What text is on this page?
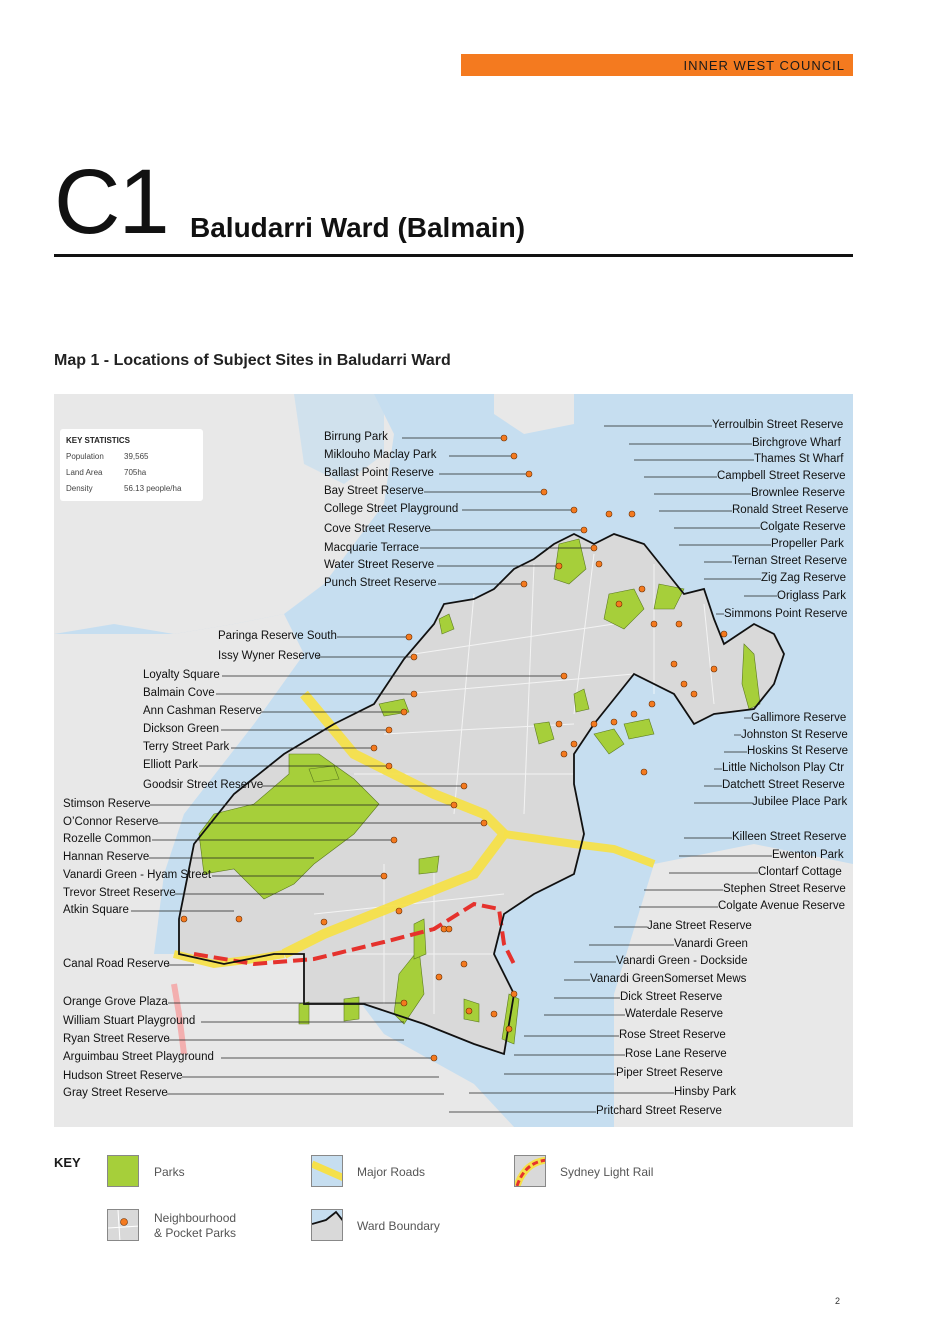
INNER WEST COUNCIL
C1 Baludarri Ward (Balmain)
Map 1 - Locations of Subject Sites in Baludarri Ward
KEY STATISTICS
Population	39,565
Land Area	705ha
Density	56.13 people/ha
Birrung Park
Miklouho Maclay Park
Ballast Point Reserve
Bay Street Reserve
College Street Playground
Cove Street Reserve
Macquarie Terrace
Water Street Reserve
Punch Street Reserve
Paringa Reserve South
Issy Wyner Reserve
Loyalty Square
Balmain Cove
Ann Cashman Reserve
Dickson Green
Terry Street Park
Elliott Park
Goodsir Street Reserve
Stimson Reserve
O’Connor Reserve
Rozelle Common
Hannan Reserve
Vanardi Green - Hyam Street
Trevor Street Reserve
Atkin Square
Canal Road Reserve
Orange Grove Plaza
William Stuart Playground
Ryan Street Reserve
Arguimbau Street Playground
Hudson Street Reserve
Gray Street Reserve
Yerroulbin Street Reserve
Birchgrove Wharf
Thames St Wharf
Campbell Street Reserve
Brownlee Reserve
Ronald Street Reserve
Colgate Reserve
Propeller Park
Ternan Street Reserve
Zig Zag Reserve
Origlass Park
Simmons Point Reserve
Gallimore Reserve
Johnston St Reserve
Hoskins St Reserve
Little Nicholson Play Ctr
Datchett Street Reserve
Jubilee Place Park
Killeen Street Reserve
Ewenton Park
Clontarf Cottage
Stephen Street Reserve
Colgate Avenue Reserve
Jane Street Reserve
Vanardi Green
Vanardi Green - Dockside
Vanardi GreenSomerset Mews
Dick Street Reserve
Waterdale Reserve
Rose Street Reserve
Rose Lane Reserve
Piper Street Reserve
Hinsby Park
Pritchard Street Reserve
KEY
Parks	Major Roads	Sydney Light Rail
Neighbourhood
& Pocket Parks	Ward Boundary
2
